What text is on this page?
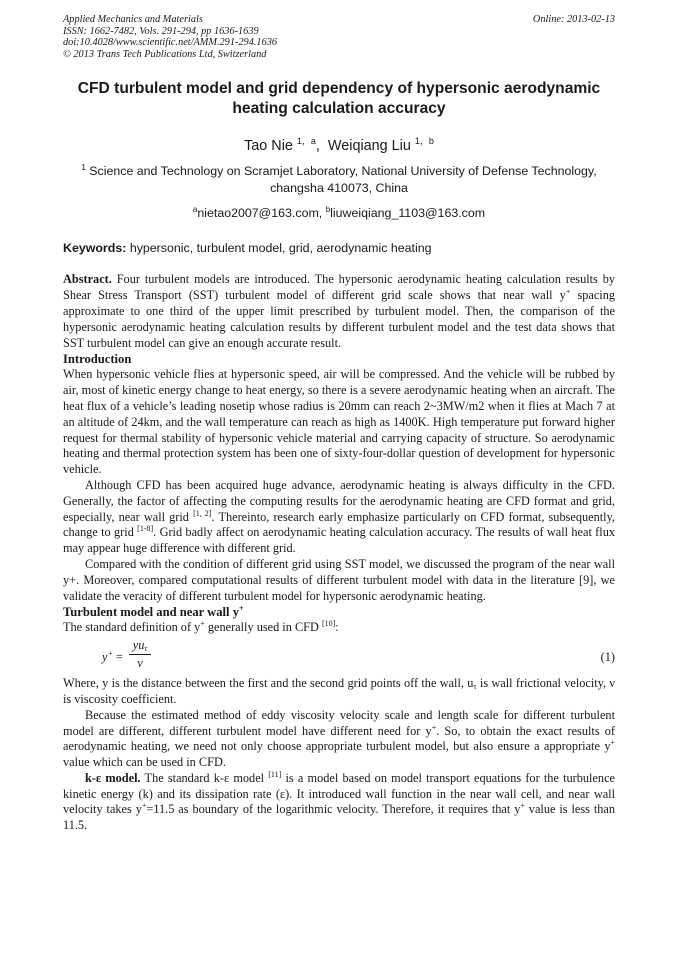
Applied Mechanics and Materials
ISSN: 1662-7482, Vols. 291-294, pp 1636-1639
doi:10.4028/www.scientific.net/AMM.291-294.1636
© 2013 Trans Tech Publications Ltd, Switzerland
Online: 2013-02-13
CFD turbulent model and grid dependency of hypersonic aerodynamic heating calculation accuracy
Tao Nie $^{1,a}$, Weiqiang Liu $^{1,b}$
$^1$ Science and Technology on Scramjet Laboratory, National University of Defense Technology, changsha 410073, China
$^a$nietao2007@163.com, $^b$liuweiqiang_1103@163.com
Keywords: hypersonic, turbulent model, grid, aerodynamic heating

Abstract. Four turbulent models are introduced. The hypersonic aerodynamic heating calculation results by Shear Stress Transport (SST) turbulent model of different grid scale shows that near wall y+ spacing approximate to one third of the upper limit prescribed by turbulent model. Then, the comparison of the hypersonic aerodynamic heating calculation results by different turbulent model and the test data shows that SST turbulent model can give an enough accurate result.

Introduction

When hypersonic vehicle flies at hypersonic speed, air will be compressed. And the vehicle will be rubbed by air, most of kinetic energy change to heat energy, so there is a severe aerodynamic heating when an aircraft. The heat flux of a vehicle’s leading nosetip whose radius is 20mm can reach 2~3MW/m2 when it flies at Mach 7 at an altitude of 24km, and the wall temperature can reach as high as 1400K. High temperature put forward higher request for thermal stability of hypersonic vehicle material and carrying capacity of structure. So aerodynamic heating and thermal protection system has been one of sixty-four-dollar question of development for hypersonic vehicle.

Although CFD has been acquired huge advance, aerodynamic heating is always difficulty in the CFD. Generally, the factor of affecting the computing results for the aerodynamic heating are CFD format and grid, especially, near wall grid [1, 2]. Thereinto, research early emphasize particularly on CFD format, subsequently, change to grid [1-8]. Grid badly affect on aerodynamic heating calculation accuracy. The results of wall heat flux may appear huge difference with different grid.

Compared with the condition of different grid using SST model, we discussed the program of the near wall y+. Moreover, compared computational results of different turbulent model with data in the literature [9], we validate the veracity of different turbulent model for hypersonic aerodynamic heating.

Turbulent model and near wall y+

The standard definition of y+ generally used in CFD [10]:

y+ =
$yu_\tau$
ν	(1)

Where, y is the distance between the first and the second grid points off the wall, $u_\tau$ is wall frictional velocity, ν is viscosity coefficient.

Because the estimated method of eddy viscosity velocity scale and length scale for different turbulent model are different, different turbulent model have different need for y+. So, to obtain the exact results of aerodynamic heating, we need not only choose appropriate turbulent model, but also ensure a appropriate y+ value which can be used in CFD.

k-ε model. The standard k-ε model [11] is a model based on model transport equations for the turbulence kinetic energy (k) and its dissipation rate (ε). It introduced wall function in the near wall cell, and near wall velocity takes y+=11.5 as boundary of the logarithmic velocity. Therefore, it requires that y+ value is less than 11.5.
